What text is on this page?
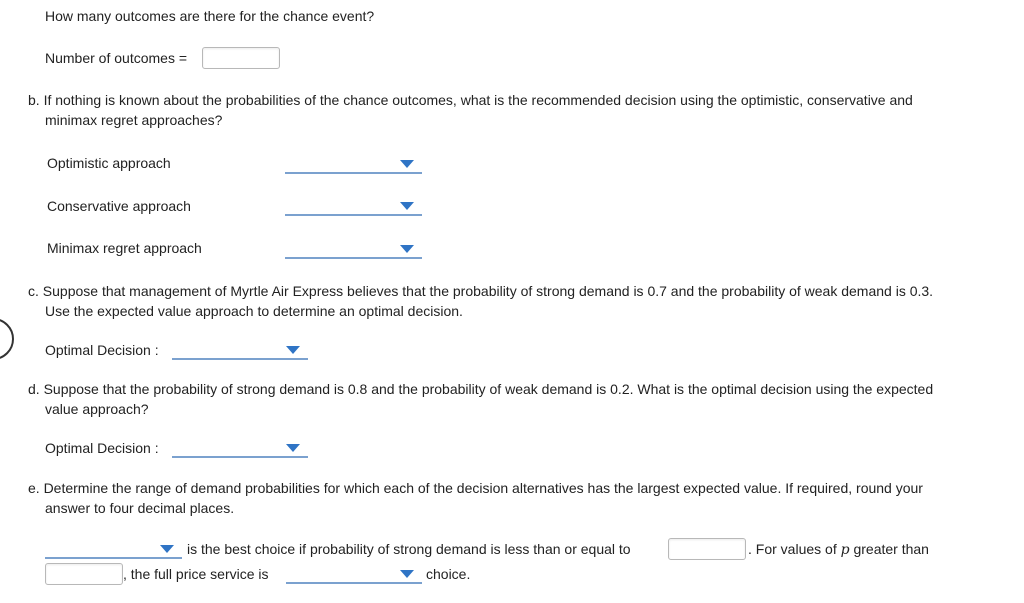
How many outcomes are there for the chance event?
Number of outcomes =
b. If nothing is known about the probabilities of the chance outcomes, what is the recommended decision using the optimistic, conservative and
minimax regret approaches?
Optimistic approach
Conservative approach
Minimax regret approach
c. Suppose that management of Myrtle Air Express believes that the probability of strong demand is 0.7 and the probability of weak demand is 0.3.
Use the expected value approach to determine an optimal decision.
Optimal Decision :
d. Suppose that the probability of strong demand is 0.8 and the probability of weak demand is 0.2. What is the optimal decision using the expected
value approach?
Optimal Decision :
e. Determine the range of demand probabilities for which each of the decision alternatives has the largest expected value. If required, round your
answer to four decimal places.
is the best choice if probability of strong demand is less than or equal to	. For values of p greater than
, the full price service is	choice.
